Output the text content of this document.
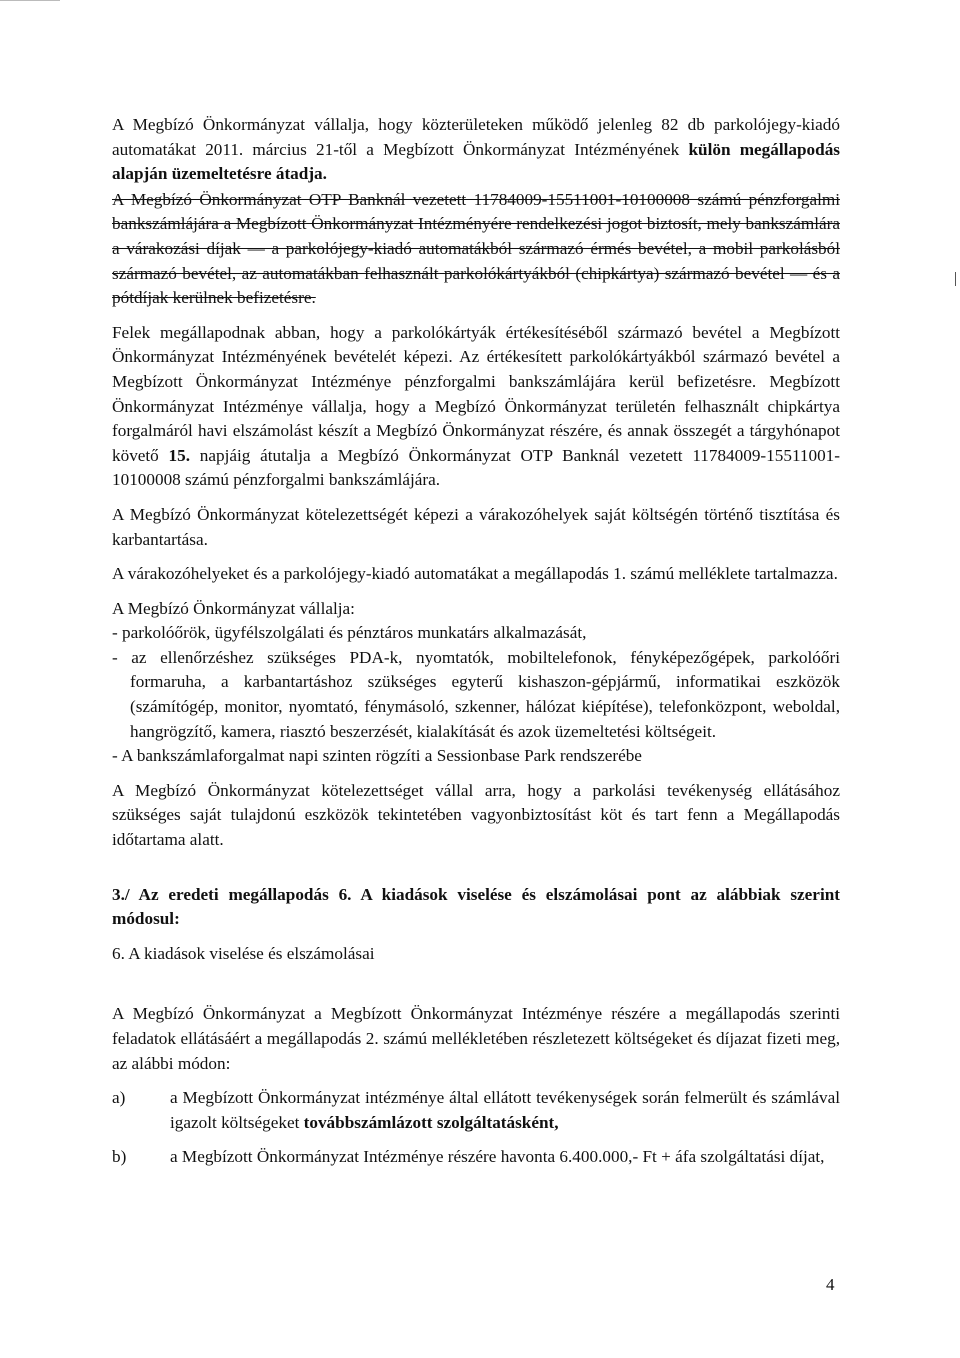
A Megbízó Önkormányzat vállalja, hogy közterületeken működő jelenleg 82 db parkolójegy-kiadó automatákat 2011. március 21-től a Megbízott Önkormányzat Intézményének külön megállapodás alapján üzemeltetésre átadja.

A Megbízó Önkormányzat OTP Banknál vezetett 11784009-15511001-10100008 számú pénzforgalmi bankszámlájára a Megbízott Önkormányzat Intézményére rendelkezési jogot biztosít, mely bankszámlára a várakozási díjak — a parkolójegy-kiadó automatákból származó érmés bevétel, a mobil parkolásból származó bevétel, az automatákban felhasznált parkolókártyákból (chipkártya) származó bevétel — és a pótdíjak kerülnek befizetésre.

Felek megállapodnak abban, hogy a parkolókártyák értékesítéséből származó bevétel a Megbízott Önkormányzat Intézményének bevételét képezi. Az értékesített parkolókártyákból származó bevétel a Megbízott Önkormányzat Intézménye pénzforgalmi bankszámlájára kerül befizetésre. Megbízott Önkormányzat Intézménye vállalja, hogy a Megbízó Önkormányzat területén felhasznált chipkártya forgalmáról havi elszámolást készít a Megbízó Önkormányzat részére, és annak összegét a tárgyhónapot követő 15. napjáig átutalja a Megbízó Önkormányzat OTP Banknál vezetett 11784009-15511001-10100008 számú pénzforgalmi bankszámlájára.

A Megbízó Önkormányzat kötelezettségét képezi a várakozóhelyek saját költségén történő tisztítása és karbantartása.

A várakozóhelyeket és a parkolójegy-kiadó automatákat a megállapodás 1. számú melléklete tartalmazza.

A Megbízó Önkormányzat vállalja:

- parkolóőrök, ügyfélszolgálati és pénztáros munkatárs alkalmazását,

- az ellenőrzéshez szükséges PDA-k, nyomtatók, mobiltelefonok, fényképezőgépek, parkolóőri formaruha, a karbantartáshoz szükséges egyterű kishaszon-gépjármű, informatikai eszközök (számítógép, monitor, nyomtató, fénymásoló, szkenner, hálózat kiépítése), telefonközpont, weboldal, hangrögzítő, kamera, riasztó beszerzését, kialakítását és azok üzemeltetési költségeit.

- A bankszámlaforgalmat napi szinten rögzíti a Sessionbase Park rendszerébe

A Megbízó Önkormányzat kötelezettséget vállal arra, hogy a parkolási tevékenység ellátásához szükséges saját tulajdonú eszközök tekintetében vagyonbiztosítást köt és tart fenn a Megállapodás időtartama alatt.

3./ Az eredeti megállapodás 6. A kiadások viselése és elszámolásai pont az alábbiak szerint módosul:

6. A kiadások viselése és elszámolásai

A Megbízó Önkormányzat a Megbízott Önkormányzat Intézménye részére a megállapodás szerinti feladatok ellátásáért a megállapodás 2. számú mellékletében részletezett költségeket és díjazat fizeti meg, az alábbi módon:

a)	a Megbízott Önkormányzat intézménye által ellátott tevékenységek során felmerült és számlával igazolt költségeket továbbszámlázott szolgáltatásként,
b)	a Megbízott Önkormányzat Intézménye részére havonta 6.400.000,- Ft + áfa szolgáltatási díjat,
4
